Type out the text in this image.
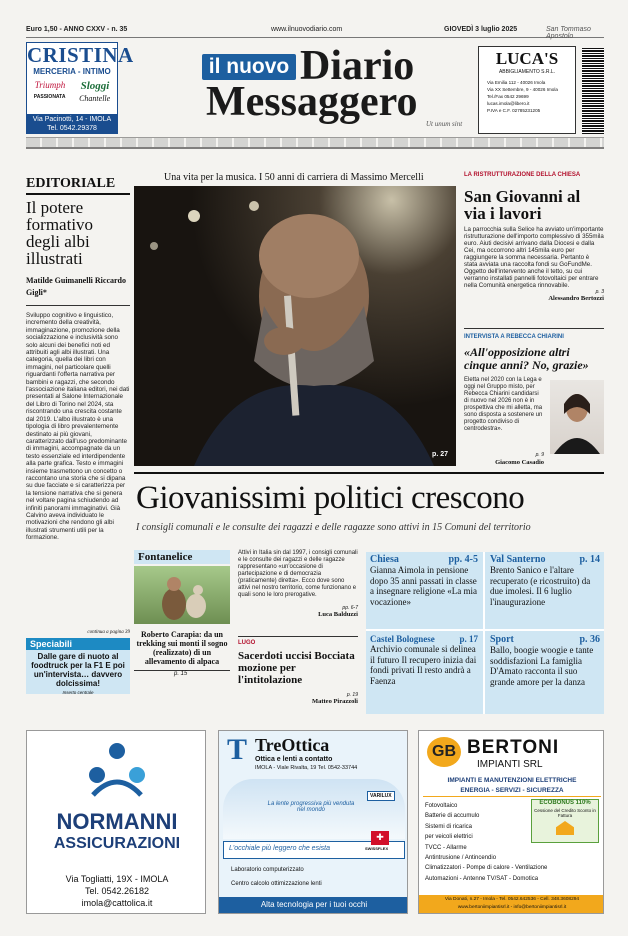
Euro 1,50 - ANNO CXXV - n. 35	www.ilnuovodiario.com	GIOVEDÌ 3 luglio 2025	San Tommaso Apostolo
CRISTINA
MERCERIA - INTIMO
Triumph Sloggi
PASSIONATA Chantelle
Via Pacinotti, 14 - IMOLA
Tel. 0542.29378
il nuovo Diario
Messaggero Ut unum sint
LUCA'S
ABBIGLIAMENTO S.R.L.
Via Emilia 112 - 40026 Imola
Via XX Settembre, 9 - 40026 Imola
Tel./Fax 0542 29699
lucas.imola@libero.it
P.IVA e C.F. 02785231205
EDITORIALE
Il potere formativo degli albi illustrati
Matilde Guimanelli Riccardo Gigli*
Sviluppo cognitivo e linguistico, incremento della creatività, immaginazione, promozione della socializzazione e inclusività sono solo alcuni dei benefici noti ed attribuiti agli albi illustrati. Una categoria, quella dei libri con immagini, nel particolare quelli riguardanti l'offerta narrativa per bambini e ragazzi, che secondo l'associazione italiana editori, nei dati presentati al Salone Internazionale del Libro di Torino nel 2024, sta riscontrando una crescita costante dal 2019. L'albo illustrato è una tipologia di libro prevalentemente destinato ai più giovani, caratterizzato dall'uso predominante di immagini, accompagnate da un testo essenziale ed interdipendente alla parte grafica. Testo e immagini insieme trasmettono un concetto o raccontano una storia che si dipana su due facciate e si caratterizza per la tensione narrativa che si genera nel voltare pagina schiudendo ad infiniti panorami immaginativi. Già Calvino aveva individuato le motivazioni che rendono gli albi illustrati strumenti utili per la formazione.
continua a pagina 39
Speciabili
Dalle gare di nuoto al foodtruck per la F1 E poi un'intervista… davvero dolcissima!
Inserto centrale
Una vita per la musica. I 50 anni di carriera di Massimo Mercelli
p. 27
LA RISTRUTTURAZIONE DELLA CHIESA
San Giovanni al via i lavori
La parrocchia sulla Selice ha avviato un'importante ristrutturazione dell'importo complessivo di 355mila euro. Aiuti decisivi arrivano dalla Diocesi e dalla Cei, ma occorrono altri 145mila euro per raggiungere la somma necessaria. Pertanto è stata avviata una raccolta fondi su GoFundMe. Oggetto dell'intervento anche il tetto, su cui verranno installati pannelli fotovoltaici per entrare nella Comunità energetica rinnovabile.
p. 3
Alessandro Bertozzi
INTERVISTA A REBECCA CHIARINI
«All'opposizione altri cinque anni? No, grazie»
Eletta nel 2020 con la Lega e oggi nel Gruppo misto, per Rebecca Chiarini candidarsi di nuovo nel 2026 non è in prospettiva che mi alletta, ma sono disposta a sostenere un progetto condiviso di centrodestra».
p. 9
Giacomo Casadio
Giovanissimi politici crescono
I consigli comunali e le consulte dei ragazzi e delle ragazze sono attivi in 15 Comuni del territorio
Fontanelice
Roberto Carapia: da un trekking sui monti il sogno (realizzato) di un allevamento di alpaca
p. 15
Attivi in Italia sin dal 1997, i consigli comunali e le consulte dei ragazzi e delle ragazze rappresentano «un'occasione di partecipazione e di democrazia (praticamente) diretta». Ecco dove sono attivi nel nostro territorio, come funzionano e quali sono le loro prerogative.
pp. 6-7
Luca Balduzzi
LUGO
Sacerdoti uccisi Bocciata mozione per l'intitolazione
p. 19
Matteo Pirazzoli
Chiesa	pp. 4-5
Gianna Aimola in pensione dopo 35 anni passati in classe a insegnare religione «La mia vocazione»
Val Santerno	p. 14
Brento Sanico e l'altare recuperato (e ricostruito) da due imolesi. Il 6 luglio l'inaugurazione
Castel Bolognese	p. 17
Archivio comunale si delinea il futuro Il recupero inizia dai fondi privati Il resto andrà a Faenza
Sport	p. 36
Ballo, boogie woogie e tante soddisfazioni La famiglia D'Amato racconta il suo grande amore per la danza
NORMANNI
ASSICURAZIONI
Via Togliatti, 19X - IMOLA
Tel. 0542.26182
imola@cattolica.it
T TreOttica
Ottica e lenti a contatto
IMOLA - Viale Rivalta, 19 Tel. 0542-33744
La lente progressiva più venduta nel mondo
VARILUX
L'occhiale più leggero che esista
✚
SWISSFLEX
Laboratorio computerizzato
Centro calcolo ottimizzazione lenti
Alta tecnologia per i tuoi occhi
GB BERTONI
IMPIANTI SRL
IMPIANTI E MANUTENZIONI ELETTRICHE
ENERGIA - SERVIZI - SICUREZZA
Fotovoltaico
Batterie di accumulo
Sistemi di ricarica
per veicoli elettrici
TVCC - Allarme
Antintrusione / Antincendio
Climatizzatori - Pompe di calore - Ventilazione
Automazioni - Antenne TV/SAT - Domotica
ECOBONUS 110%
Cessione del Credito Sconto in Fattura
Via Donati, n.27 - Imola - Tel. 0542.642536 - Cell. 348.3608294
www.bertoniimpiantisrl.it - info@bertoniimpiantisrl.it
